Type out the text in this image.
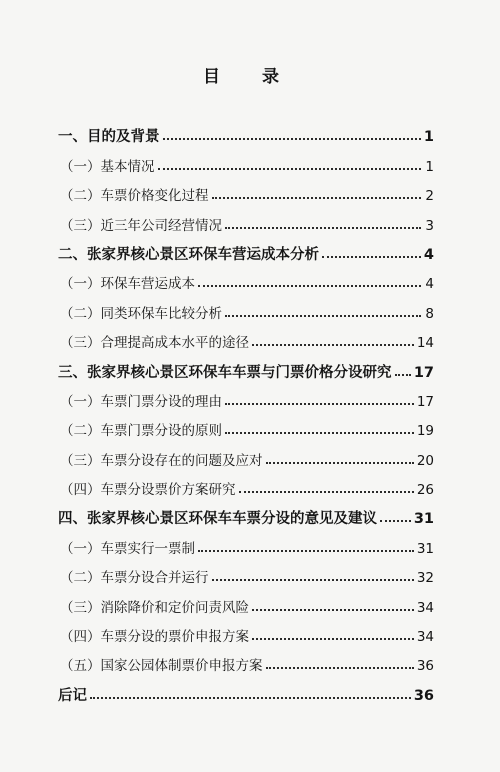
目 录
一、目的及背景	1
（一）基本情况	1
（二）车票价格变化过程	2
（三）近三年公司经营情况	3
二、张家界核心景区环保车营运成本分析	4
（一）环保车营运成本	4
（二）同类环保车比较分析	8
（三）合理提高成本水平的途径	14
三、张家界核心景区环保车车票与门票价格分设研究 17
（一）车票门票分设的理由	17
（二）车票门票分设的原则	19
（三）车票分设存在的问题及应对	20
（四）车票分设票价方案研究	26
四、张家界核心景区环保车车票分设的意见及建议	31
（一）车票实行一票制	31
（二）车票分设合并运行	32
（三）消除降价和定价问责风险	34
（四）车票分设的票价申报方案	34
（五）国家公园体制票价申报方案	36
后记	36
